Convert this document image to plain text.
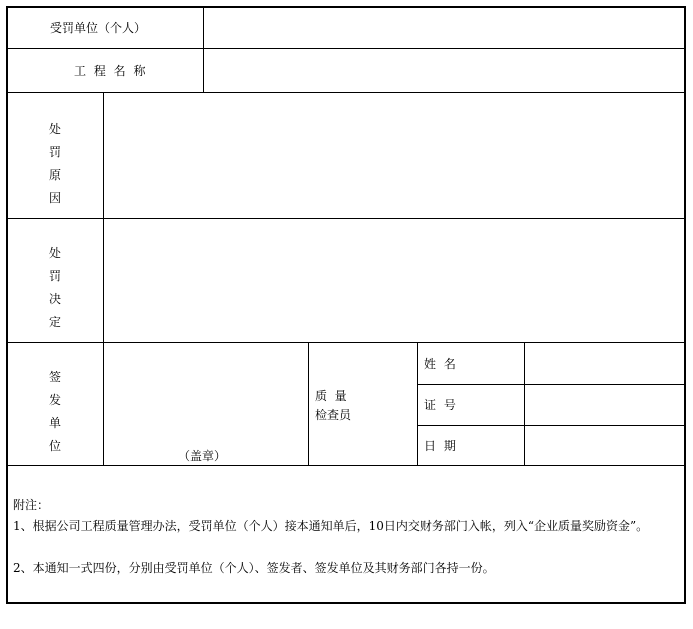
受罚单位（个人）
工 程 名 称
处
罚
原
因
处
罚
决
定
签
发
单
位
（盖章）
质  量
检查员
姓 名
证 号
日 期
附注：
1、根据公司工程质量管理办法，受罚单位（个人）接本通知单后，10日内交财务部门入帐，列入“企业质量奖励资金”。
2、本通知一式四份，分别由受罚单位（个人）、签发者、签发单位及其财务部门各持一份。
